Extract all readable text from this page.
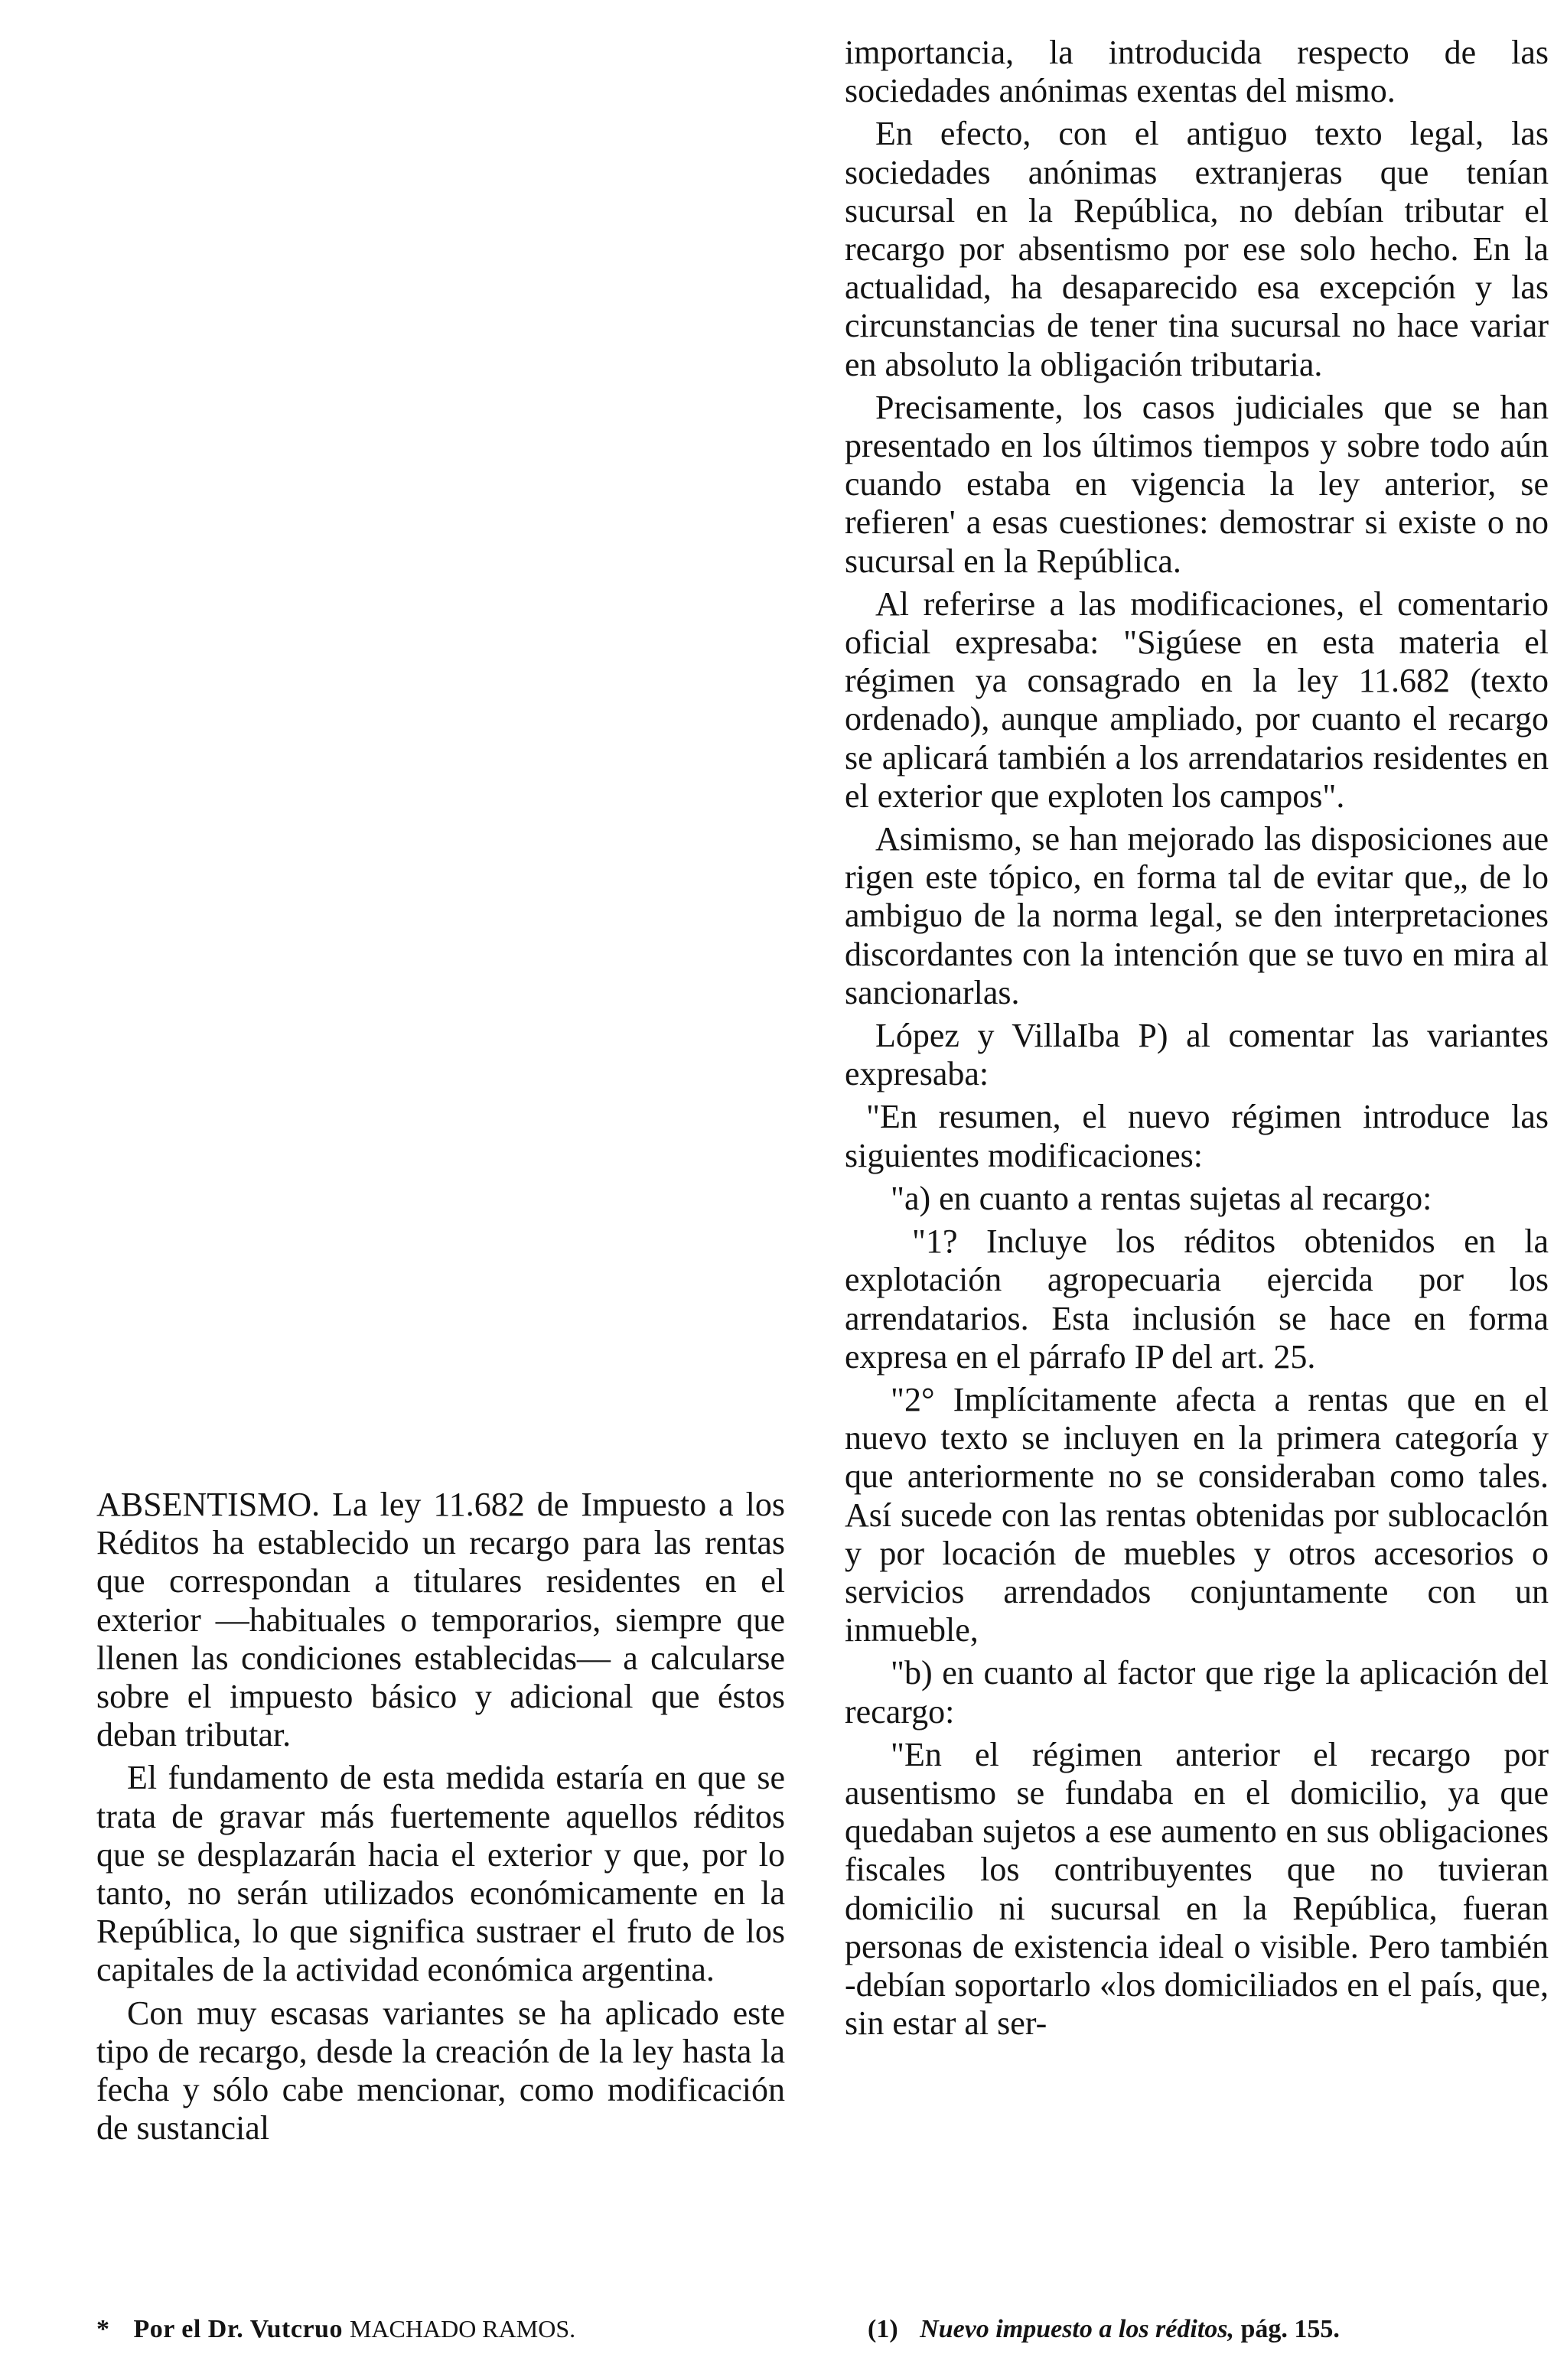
ABSENTISMO. La ley 11.682 de Impuesto a los Réditos ha establecido un recargo para las rentas que correspondan a titulares residentes en el exterior —habituales o temporarios, siempre que llenen las condiciones establecidas— a calcularse sobre el impuesto básico y adicional que éstos deban tributar.

El fundamento de esta medida estaría en que se trata de gravar más fuertemente aquellos réditos que se desplazarán hacia el exterior y que, por lo tanto, no serán utilizados económicamente en la República, lo que significa sustraer el fruto de los capitales de la actividad económica argentina.

Con muy escasas variantes se ha aplicado este tipo de recargo, desde la creación de la ley hasta la fecha y sólo cabe mencionar, como modificación de sustancial

importancia, la introducida respecto de las sociedades anónimas exentas del mismo.

En efecto, con el antiguo texto legal, las sociedades anónimas extranjeras que tenían sucursal en la República, no debían tributar el recargo por absentismo por ese solo hecho. En la actualidad, ha desaparecido esa excepción y las circunstancias de tener tina sucursal no hace variar en absoluto la obligación tributaria.

Precisamente, los casos judiciales que se han presentado en los últimos tiempos y sobre todo aún cuando estaba en vigencia la ley anterior, se refieren' a esas cuestiones: demostrar si existe o no sucursal en la República.

Al referirse a las modificaciones, el comentario oficial expresaba: "Sigúese en esta materia el régimen ya consagrado en la ley 11.682 (texto ordenado), aunque ampliado, por cuanto el recargo se aplicará también a los arrendatarios residentes en el exterior que exploten los campos".

Asimismo, se han mejorado las disposiciones aue rigen este tópico, en forma tal de evitar que„ de lo ambiguo de la norma legal, se den interpretaciones discordantes con la intención que se tuvo en mira al sancionarlas.

López y VillaIba P) al comentar las variantes expresaba:

"En resumen, el nuevo régimen introduce las siguientes modificaciones:

"a) en cuanto a rentas sujetas al recargo:

"1? Incluye los réditos obtenidos en la explotación agropecuaria ejercida por los arrendatarios. Esta inclusión se hace en forma expresa en el párrafo IP del art. 25.

"2° Implícitamente afecta a rentas que en el nuevo texto se incluyen en la primera categoría y que anteriormente no se consideraban como tales. Así sucede con las rentas obtenidas por sublocaclón y por locación de muebles y otros accesorios o servicios arrendados conjuntamente con un inmueble,

"b) en cuanto al factor que rige la aplicación del recargo:

"En el régimen anterior el recargo por ausentismo se fundaba en el domicilio, ya que quedaban sujetos a ese aumento en sus obligaciones fiscales los contribuyentes que no tuvieran domicilio ni sucursal en la República, fueran personas de existencia ideal o visible. Pero también -debían soportarlo «los domiciliados en el país, que, sin estar al ser-

* Por el Dr. Vutcruo MACHADO RAMOS.	(1) Nuevo impuesto a los réditos, pág. 155.
